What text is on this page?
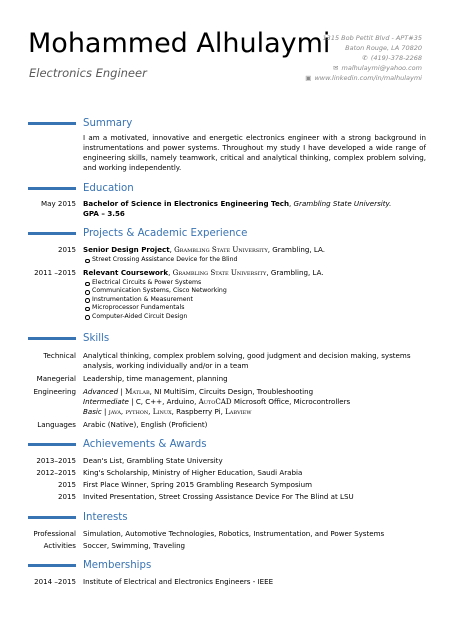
Mohammed Alhulaymi
Electronics Engineer
1315 Bob Pettit Blvd - APT#35
Baton Rouge, LA 70820
✆ (419)-378-2268
✉ malhulaymi@yahoo.com
▣ www.linkedin.com/in/malhulaymi
Summary
I am a motivated, innovative and energetic electronics engineer with a strong background in instrumentations and power systems. Throughout my study I have developed a wide range of engineering skills, namely teamwork, critical and analytical thinking, complex problem solving, and working independently.
Education
May 2015 Bachelor of Science in Electronics Engineering Tech, Grambling State University.
GPA – 3.56
Projects & Academic Experience
2015 Senior Design Project, Grambling State University, Grambling, LA.
Street Crossing Assistance Device for the Blind
2011 –2015 Relevant Coursework, Grambling State University, Grambling, LA.
Electrical Circuits & Power Systems
Communication Systems, Cisco Networking
Instrumentation & Measurement
Microprocessor Fundamentals
Computer-Aided Circuit Design
Skills
Technical Analytical thinking, complex problem solving, good judgment and decision making, systems analysis, working individually and/or in a team
Manegerial Leadership, time management, planning
Engineering Advanced | Matlab, NI MultiSim, Circuits Design, Troubleshooting
Intermediate | C, C++, Arduino, AutoCAD Microsoft Office, Microcontrollers
Basic | java, python, Linux, Raspberry Pi, Labview
Languages Arabic (Native), English (Proficient)
Achievements & Awards
2013–2015 Dean's List, Grambling State University
2012–2015 King's Scholarship, Ministry of Higher Education, Saudi Arabia
2015 First Place Winner, Spring 2015 Grambling Research Symposium
2015 Invited Presentation, Street Crossing Assistance Device For The Blind at LSU
Interests
Professional Simulation, Automotive Technologies, Robotics, Instrumentation, and Power Systems
Activities Soccer, Swimming, Traveling
Memberships
2014 –2015 Institute of Electrical and Electronics Engineers - IEEE
